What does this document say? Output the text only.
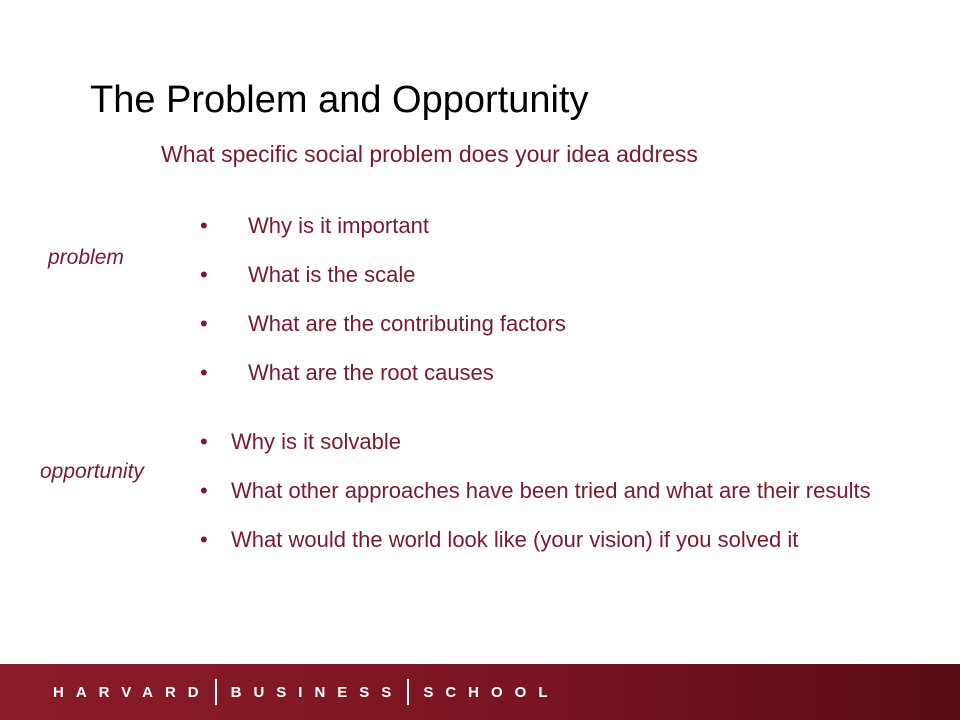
The Problem and Opportunity
What specific social problem does your idea address
problem
• Why is it important
• What is the scale
• What are the contributing factors
• What are the root causes
opportunity
• Why is it solvable
• What other approaches have been tried and what are their results
• What would the world look like (your vision) if you solved it
HARVARD BUSINESS SCHOOL
